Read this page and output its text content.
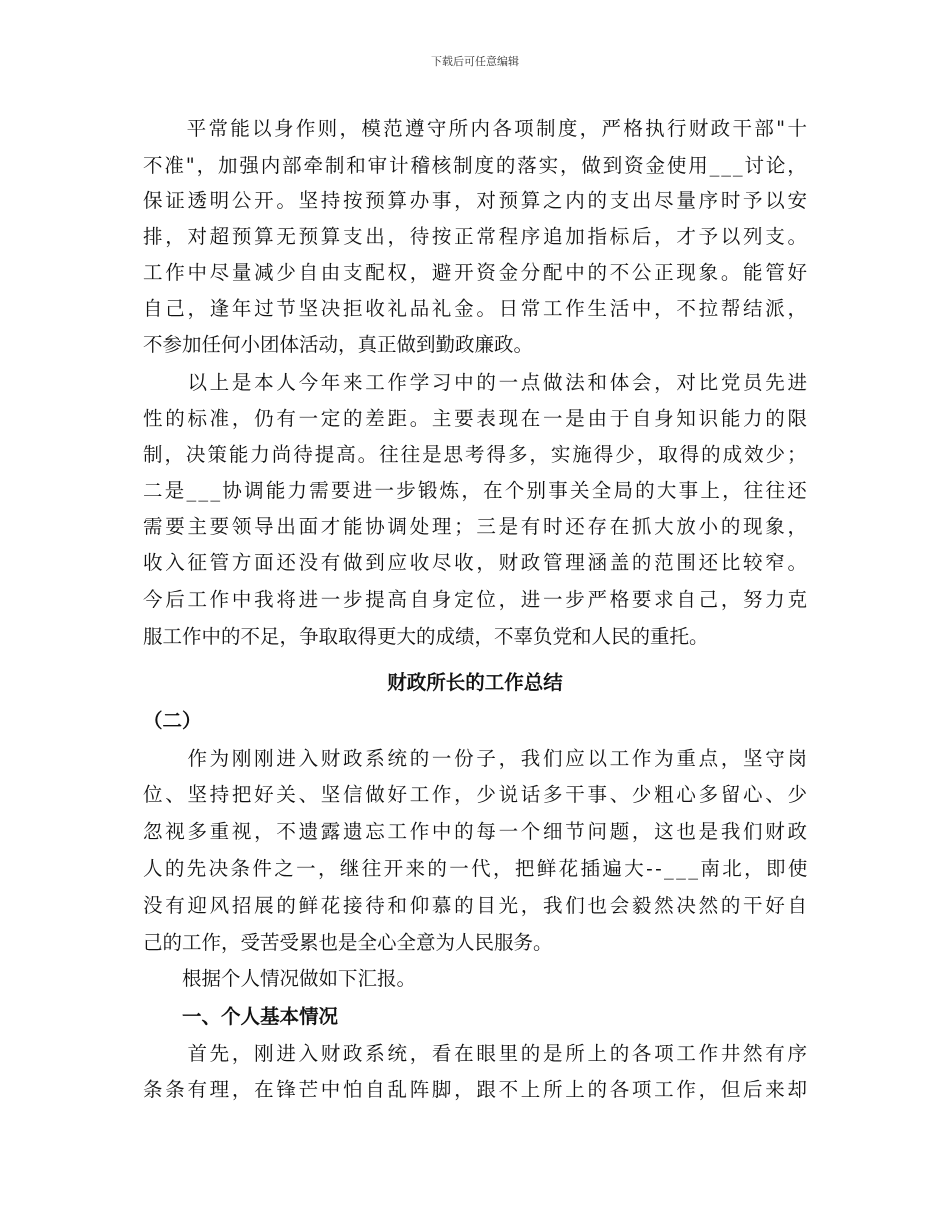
下载后可任意编辑
　　平常能以身作则，模范遵守所内各项制度，严格执行财政干部"十
不准"，加强内部牵制和审计稽核制度的落实，做到资金使用___讨论，
保证透明公开。坚持按预算办事，对预算之内的支出尽量序时予以安
排，对超预算无预算支出，待按正常程序追加指标后，才予以列支。
工作中尽量减少自由支配权，避开资金分配中的不公正现象。能管好
自己，逢年过节坚决拒收礼品礼金。日常工作生活中，不拉帮结派，
不参加任何小团体活动，真正做到勤政廉政。
　　以上是本人今年来工作学习中的一点做法和体会，对比党员先进
性的标准，仍有一定的差距。主要表现在一是由于自身知识能力的限
制，决策能力尚待提高。往往是思考得多，实施得少，取得的成效少；
二是___协调能力需要进一步锻炼，在个别事关全局的大事上，往往还
需要主要领导出面才能协调处理；三是有时还存在抓大放小的现象，
收入征管方面还没有做到应收尽收，财政管理涵盖的范围还比较窄。
今后工作中我将进一步提高自身定位，进一步严格要求自己，努力克
服工作中的不足，争取取得更大的成绩，不辜负党和人民的重托。
财政所长的工作总结
（二）
　　作为刚刚进入财政系统的一份子，我们应以工作为重点，坚守岗
位、坚持把好关、坚信做好工作，少说话多干事、少粗心多留心、少
忽视多重视，不遗露遗忘工作中的每一个细节问题，这也是我们财政
人的先决条件之一，继往开来的一代，把鲜花插遍大--___南北，即使
没有迎风招展的鲜花接待和仰慕的目光，我们也会毅然决然的干好自
己的工作，受苦受累也是全心全意为人民服务。
　　根据个人情况做如下汇报。
　　一、个人基本情况
　　首先，刚进入财政系统，看在眼里的是所上的各项工作井然有序
条条有理，在锋芒中怕自乱阵脚，跟不上所上的各项工作，但后来却
